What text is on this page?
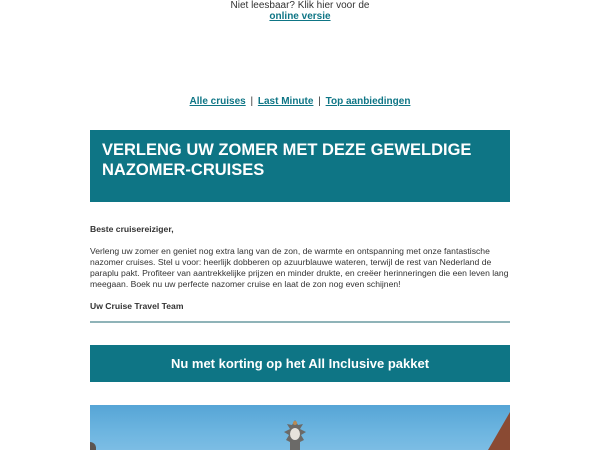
Niet leesbaar? Klik hier voor de
online versie
Alle cruises | Last Minute | Top aanbiedingen
VERLENG UW ZOMER MET DEZE GEWELDIGE NAZOMER-CRUISES

Beste cruisereiziger,

Verleng uw zomer en geniet nog extra lang van de zon, de warmte en ontspanning met onze fantastische nazomer cruises. Stel u voor: heerlijk dobberen op azuurblauwe wateren, terwijl de rest van Nederland de paraplu pakt. Profiteer van aantrekkelijke prijzen en minder drukte, en creëer herinneringen die een leven lang meegaan. Boek nu uw perfecte nazomer cruise en laat de zon nog even schijnen!

Uw Cruise Travel Team

Nu met korting op het All Inclusive pakket
